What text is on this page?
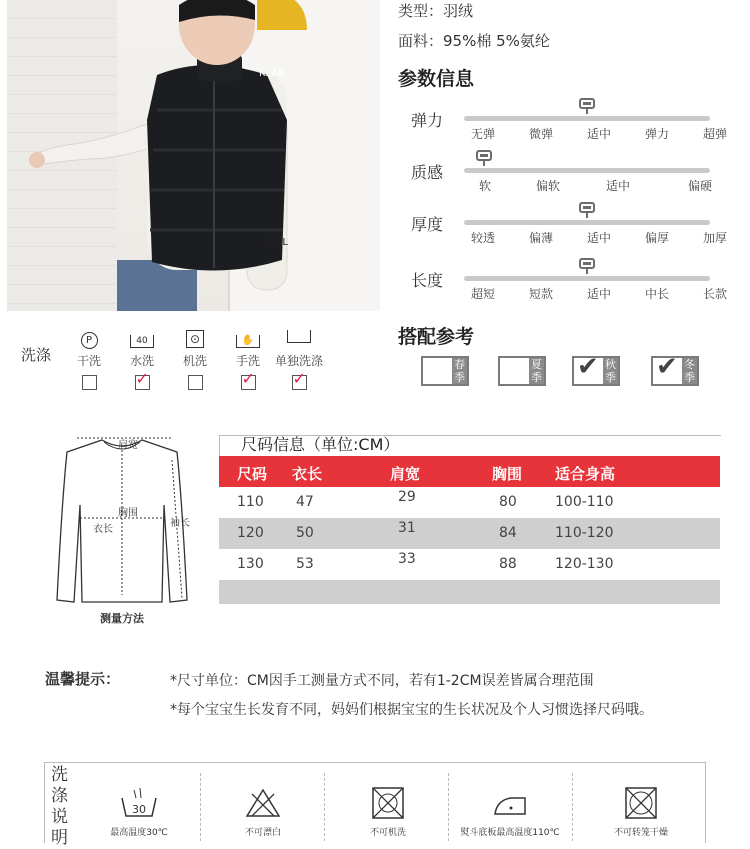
KLAR
COLL
类型：羽绒
面料：95%棉 5%氨纶
参数信息
弹力
无弹	微弹	适中	弹力	超弹
质感
软	偏软	适中	偏硬
厚度
较透	偏薄	适中	偏厚	加厚
长度
超短	短款	适中	中长	长款
搭配参考
春季
夏季
秋季
✔	冬季
✔
洗涤
P
干洗
40
水洗
✓
⊙
机洗
✋
手洗
✓	单独洗涤
✓
肩宽
胸围
衣长
袖长
测量方法
尺码信息（单位:CM）
尺码 衣长	肩宽	胸围 适合身高
110 47	29	80	100-110
120 50	31	84	110-120
130 53	33	88	120-130
温馨提示：	*尺寸单位：CM因手工测量方式不同，若有1-2CM误差皆属合理范围
*每个宝宝生长发育不同，妈妈们根据宝宝的生长状况及个人习惯选择尺码哦。
洗涤说明
30
最高温度30℃	不可漂白	不可机洗	熨斗底板最高温度110℃	不可转笼干燥
